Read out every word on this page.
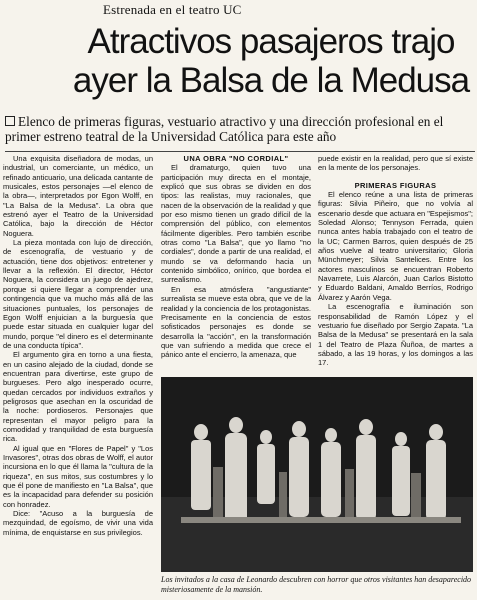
Estrenada en el teatro UC
Atractivos pasajeros trajo
ayer la Balsa de la Medusa
Elenco de primeras figuras, vestuario atractivo y una dirección profesional en el primer estreno teatral de la Universidad Católica para este año

Una exquisita diseñadora de modas, un industrial, un comerciante, un médico, un refinado anticuario, una delicada cantante de musicales, estos personajes —el elenco de la obra—, interpretados por Egon Wolff, en "La Balsa de la Medusa". La obra que estrenó ayer el Teatro de la Universidad Católica, bajo la dirección de Héctor Noguera.

La pieza montada con lujo de dirección, de escenografía, de vestuario y de actuación, tiene dos objetivos: entretener y llevar a la reflexión. El director, Héctor Noguera, la considera un juego de ajedrez, porque si quiere llegar a comprender una contingencia que va mucho más allá de las situaciones puntuales, los personajes de Egon Wolff enjuician a la burguesía que puede estar situada en cualquier lugar del mundo, porque "el dinero es el determinante de una conducta típica".

El argumento gira en torno a una fiesta, en un casino alejado de la ciudad, donde se encuentran para divertirse, este grupo de burgueses. Pero algo inesperado ocurre, quedan cercados por individuos extraños y peligrosos que asechan en la oscuridad de la noche: pordioseros. Personajes que representan el mayor peligro para la comodidad y tranquilidad de esta burguesía rica.

Al igual que en "Flores de Papel" y "Los Invasores", otras dos obras de Wolff, el autor incursiona en lo que él llama la "cultura de la riqueza", en sus mitos, sus costumbres y lo que él pone de manifiesto en "La Balsa", que es la incapacidad para defender su posición con honradez.

Dice: "Acuso a la burguesía de mezquindad, de egoísmo, de vivir una vida mínima, de enquistarse en sus privilegios.

UNA OBRA "NO CORDIAL"

El dramaturgo, quien tuvo una participación muy directa en el montaje, explicó que sus obras se dividen en dos tipos: las realistas, muy racionales, que nacen de la observación de la realidad y que por eso mismo tienen un grado difícil de la comprensión del público, con elementos fácilmente digeribles. Pero también escribe otras como "La Balsa", que yo llamo "no cordiales", donde a partir de una realidad, el mundo se va deformando hacia un contenido simbólico, onírico, que bordea el surrealismo.

En esa atmósfera "angustiante" surrealista se mueve esta obra, que ve de la realidad y la conciencia de los protagonistas. Precisamente en la conciencia de estos sofisticados personajes es donde se desarrolla la "acción", en la transformación que van sufriendo a medida que crece el pánico ante el encierro, la amenaza, que

puede existir en la realidad, pero que sí existe en la mente de los personajes.

PRIMERAS FIGURAS

El elenco reúne a una lista de primeras figuras: Silvia Piñeiro, que no volvía al escenario desde que actuara en "Espejismos"; Soledad Alonso; Tennyson Ferrada, quien nunca antes había trabajado con el teatro de la UC; Carmen Barros, quien después de 25 años vuelve al teatro universitario; Gloria Münchmeyer; Silvia Santelices. Entre los actores masculinos se encuentran Roberto Navarrete, Luis Alarcón, Juan Carlos Bistotto y Eduardo Baldani, Amaldo Berríos, Rodrigo Álvarez y Aarón Vega.

La escenografía e iluminación son responsabilidad de Ramón López y el vestuario fue diseñado por Sergio Zapata. "La Balsa de la Medusa" se presentará en la sala 1 del Teatro de Plaza Ñuñoa, de martes a sábado, a las 19 horas, y los domingos a las 17.

Los invitados a la casa de Leonardo descubren con horror que otros visitantes han desaparecido misteriosamente de la mansión.
